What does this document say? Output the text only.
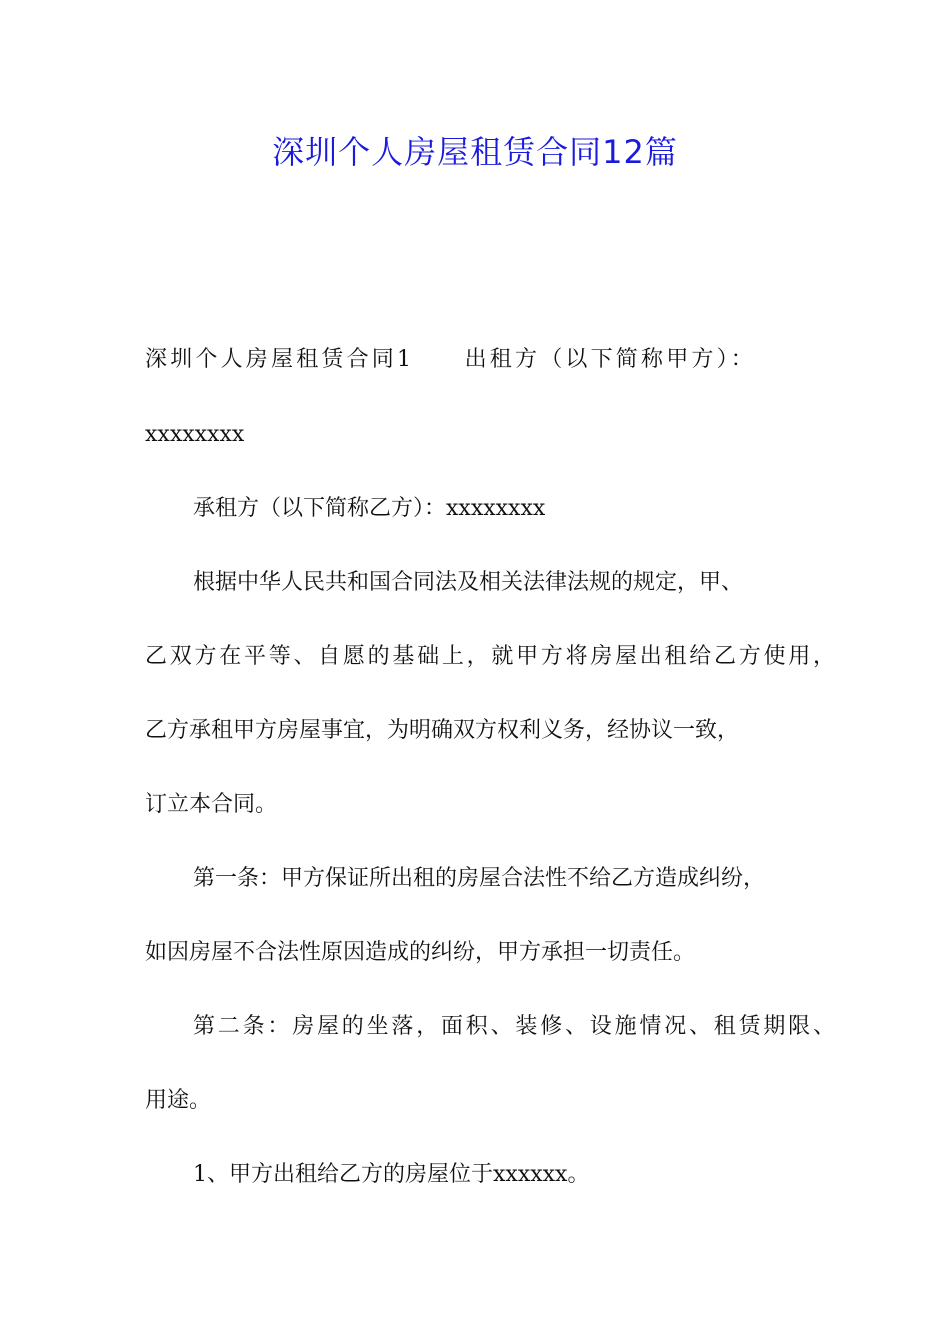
深圳个人房屋租赁合同12篇

深圳个人房屋租赁合同1　　出租方（以下简称甲方）：

xxxxxxxx

承租方（以下简称乙方）：xxxxxxxx

根据中华人民共和国合同法及相关法律法规的规定，甲、

乙双方在平等、自愿的基础上，就甲方将房屋出租给乙方使用，

乙方承租甲方房屋事宜，为明确双方权利义务，经协议一致，

订立本合同。

第一条：甲方保证所出租的房屋合法性不给乙方造成纠纷，

如因房屋不合法性原因造成的纠纷，甲方承担一切责任。

第二条：房屋的坐落，面积、装修、设施情况、租赁期限、

用途。

1、甲方出租给乙方的房屋位于xxxxxx。
